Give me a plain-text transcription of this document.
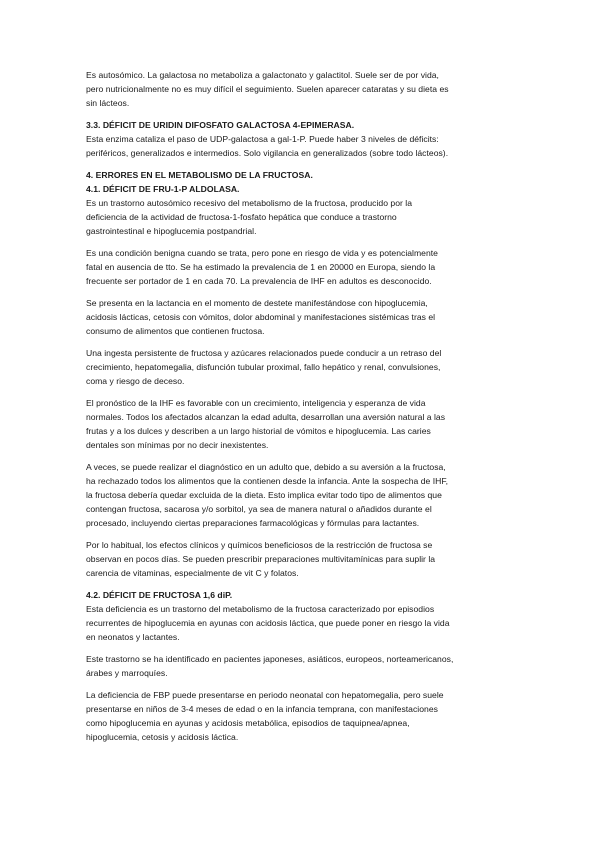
Es autosómico. La galactosa no metaboliza a galactonato y galactitol. Suele ser de por vida,
pero nutricionalmente no es muy difícil el seguimiento. Suelen aparecer cataratas y su dieta es
sin lácteos.
3.3. DÉFICIT DE URIDIN DIFOSFATO GALACTOSA 4-EPIMERASA.
Esta enzima cataliza el paso de UDP-galactosa a gal-1-P. Puede haber 3 niveles de déficits:
periféricos, generalizados e intermedios. Solo vigilancia en generalizados (sobre todo lácteos).
4. ERRORES EN EL METABOLISMO DE LA FRUCTOSA.
4.1. DÉFICIT DE FRU-1-P ALDOLASA.
Es un trastorno autosómico recesivo del metabolismo de la fructosa, producido por la
deficiencia de la actividad de fructosa-1-fosfato hepática que conduce a trastorno
gastrointestinal e hipoglucemia postpandrial.
Es una condición benigna cuando se trata, pero pone en riesgo de vida y es potencialmente
fatal en ausencia de tto. Se ha estimado la prevalencia de 1 en 20000 en Europa, siendo la
frecuente ser portador de 1 en cada 70. La prevalencia de IHF en adultos es desconocido.
Se presenta en la lactancia en el momento de destete manifestándose con hipoglucemia,
acidosis lácticas, cetosis con vómitos, dolor abdominal y manifestaciones sistémicas tras el
consumo de alimentos que contienen fructosa.
Una ingesta persistente de fructosa y azúcares relacionados puede conducir a un retraso del
crecimiento, hepatomegalia, disfunción tubular proximal, fallo hepático y renal, convulsiones,
coma y riesgo de deceso.
El pronóstico de la IHF es favorable con un crecimiento, inteligencia y esperanza de vida
normales. Todos los afectados alcanzan la edad adulta, desarrollan una aversión natural a las
frutas y a los dulces y describen a un largo historial de vómitos e hipoglucemia. Las caries
dentales son mínimas por no decir inexistentes.
A veces, se puede realizar el diagnóstico en un adulto que, debido a su aversión a la fructosa,
ha rechazado todos los alimentos que la contienen desde la infancia. Ante la sospecha de IHF,
la fructosa debería quedar excluida de la dieta. Esto implica evitar todo tipo de alimentos que
contengan fructosa, sacarosa y/o sorbitol, ya sea de manera natural o añadidos durante el
procesado, incluyendo ciertas preparaciones farmacológicas y fórmulas para lactantes.
Por lo habitual, los efectos clínicos y químicos beneficiosos de la restricción de fructosa se
observan en pocos días. Se pueden prescribir preparaciones multivitamínicas para suplir la
carencia de vitaminas, especialmente de vit C y folatos.
4.2. DÉFICIT DE FRUCTOSA 1,6 diP.
Esta deficiencia es un trastorno del metabolismo de la fructosa caracterizado por episodios
recurrentes de hipoglucemia en ayunas con acidosis láctica, que puede poner en riesgo la vida
en neonatos y lactantes.
Este trastorno se ha identificado en pacientes japoneses, asiáticos, europeos, norteamericanos,
árabes y marroquíes.
La deficiencia de FBP puede presentarse en periodo neonatal con hepatomegalia, pero suele
presentarse en niños de 3-4 meses de edad o en la infancia temprana, con manifestaciones
como hipoglucemia en ayunas y acidosis metabólica, episodios de taquipnea/apnea,
hipoglucemia, cetosis y acidosis láctica.
